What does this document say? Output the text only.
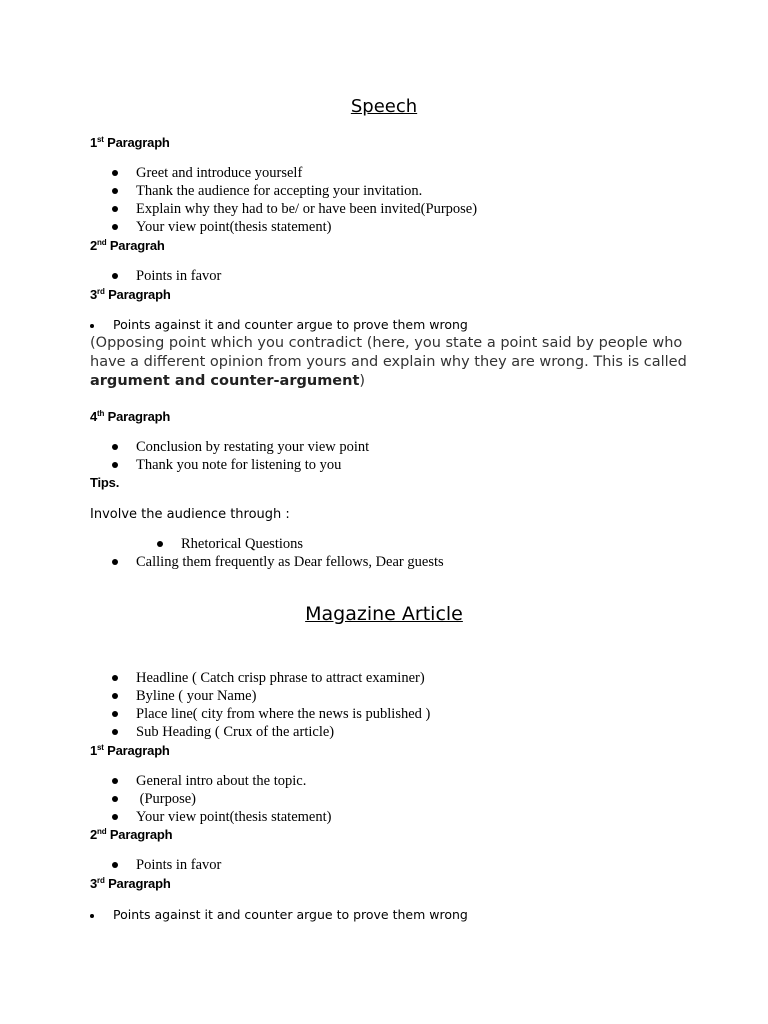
Speech
1st Paragraph
Greet and introduce yourself
Thank the audience for accepting your invitation.
Explain why they had to be/ or have been invited(Purpose)
Your view point(thesis statement)
2nd Paragrah
Points in favor
3rd Paragraph
Points against it and counter argue to prove them wrong
(Opposing point which you contradict (here, you state a point said by people who have a different opinion from yours and explain why they are wrong. This is called argument and counter-argument)
4th Paragraph
Conclusion by restating your view point
Thank you note for listening to you
Tips.
Involve the audience through :
Rhetorical Questions
Calling them frequently as Dear fellows, Dear guests
Magazine Article
Headline ( Catch crisp phrase to attract examiner)
Byline ( your Name)
Place line( city from where the news is published )
Sub Heading ( Crux of the article)
1st Paragraph
General intro about the topic.
(Purpose)
Your view point(thesis statement)
2nd Paragraph
Points in favor
3rd Paragraph
Points against it and counter argue to prove them wrong
